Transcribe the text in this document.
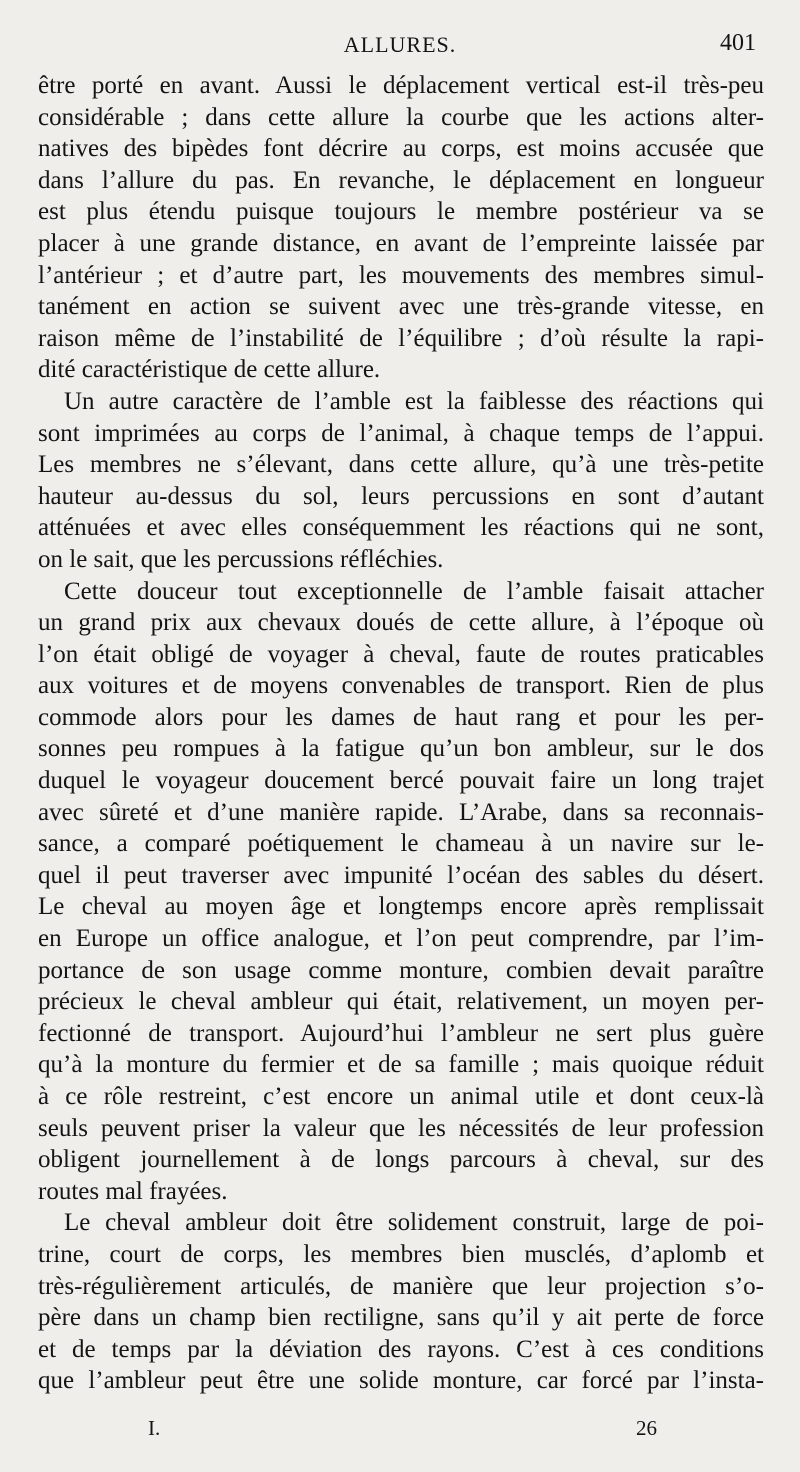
ALLURES.	401
être porté en avant. Aussi le déplacement vertical est-il très-peu
considérable ; dans cette allure la courbe que les actions alter-
natives des bipèdes font décrire au corps, est moins accusée que
dans l’allure du pas. En revanche, le déplacement en longueur
est plus étendu puisque toujours le membre postérieur va se
placer à une grande distance, en avant de l’empreinte laissée par
l’antérieur ; et d’autre part, les mouvements des membres simul-
tanément en action se suivent avec une très-grande vitesse, en
raison même de l’instabilité de l’équilibre ; d’où résulte la rapi-
dité caractéristique de cette allure.
Un autre caractère de l’amble est la faiblesse des réactions qui
sont imprimées au corps de l’animal, à chaque temps de l’appui.
Les membres ne s’élevant, dans cette allure, qu’à une très-petite
hauteur au-dessus du sol, leurs percussions en sont d’autant
atténuées et avec elles conséquemment les réactions qui ne sont,
on le sait, que les percussions réfléchies.
Cette douceur tout exceptionnelle de l’amble faisait attacher
un grand prix aux chevaux doués de cette allure, à l’époque où
l’on était obligé de voyager à cheval, faute de routes praticables
aux voitures et de moyens convenables de transport. Rien de plus
commode alors pour les dames de haut rang et pour les per-
sonnes peu rompues à la fatigue qu’un bon ambleur, sur le dos
duquel le voyageur doucement bercé pouvait faire un long trajet
avec sûreté et d’une manière rapide. L’Arabe, dans sa reconnais-
sance, a comparé poétiquement le chameau à un navire sur le-
quel il peut traverser avec impunité l’océan des sables du désert.
Le cheval au moyen âge et longtemps encore après remplissait
en Europe un office analogue, et l’on peut comprendre, par l’im-
portance de son usage comme monture, combien devait paraître
précieux le cheval ambleur qui était, relativement, un moyen per-
fectionné de transport. Aujourd’hui l’ambleur ne sert plus guère
qu’à la monture du fermier et de sa famille ; mais quoique réduit
à ce rôle restreint, c’est encore un animal utile et dont ceux-là
seuls peuvent priser la valeur que les nécessités de leur profession
obligent journellement à de longs parcours à cheval, sur des
routes mal frayées.
Le cheval ambleur doit être solidement construit, large de poi-
trine, court de corps, les membres bien musclés, d’aplomb et
très-régulièrement articulés, de manière que leur projection s’o-
père dans un champ bien rectiligne, sans qu’il y ait perte de force
et de temps par la déviation des rayons. C’est à ces conditions
que l’ambleur peut être une solide monture, car forcé par l’insta-
I.	26
